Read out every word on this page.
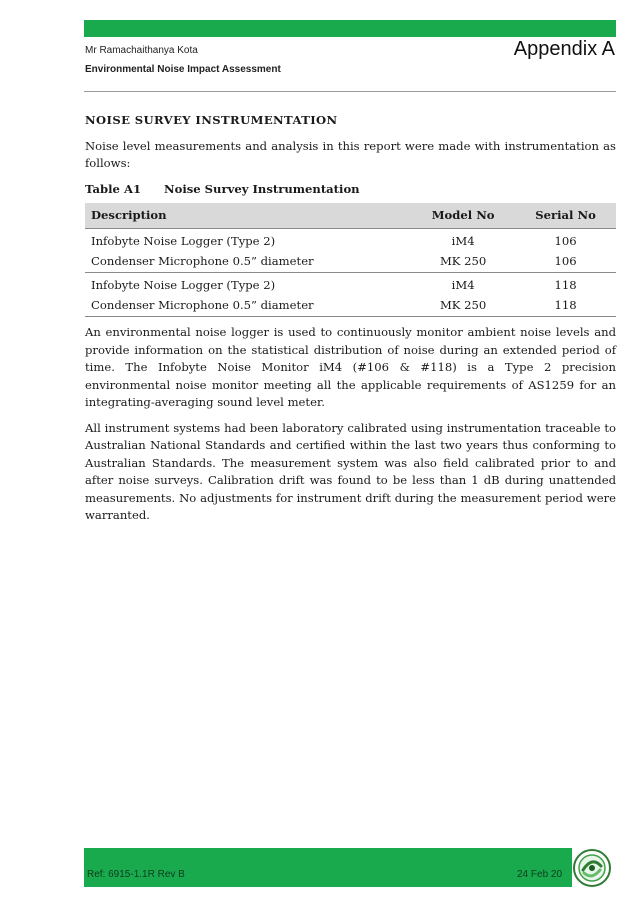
Mr Ramachaithanya Kota
Environmental Noise Impact Assessment
Appendix A
NOISE SURVEY INSTRUMENTATION

Noise level measurements and analysis in this report were made with instrumentation as follows:

Table A1	Noise Survey Instrumentation
Description	Model No	Serial No
Infobyte Noise Logger (Type 2)	iM4	106
Condenser Microphone 0.5” diameter	MK 250	106
Infobyte Noise Logger (Type 2)	iM4	118
Condenser Microphone 0.5” diameter	MK 250	118

An environmental noise logger is used to continuously monitor ambient noise levels and provide information on the statistical distribution of noise during an extended period of time. The Infobyte Noise Monitor iM4 (#106 & #118) is a Type 2 precision environmental noise monitor meeting all the applicable requirements of AS1259 for an integrating-averaging sound level meter.

All instrument systems had been laboratory calibrated using instrumentation traceable to Australian National Standards and certified within the last two years thus conforming to Australian Standards. The measurement system was also field calibrated prior to and after noise surveys. Calibration drift was found to be less than 1 dB during unattended measurements. No adjustments for instrument drift during the measurement period were warranted.

Ref: 6915-1.1R Rev B	24 Feb 20
